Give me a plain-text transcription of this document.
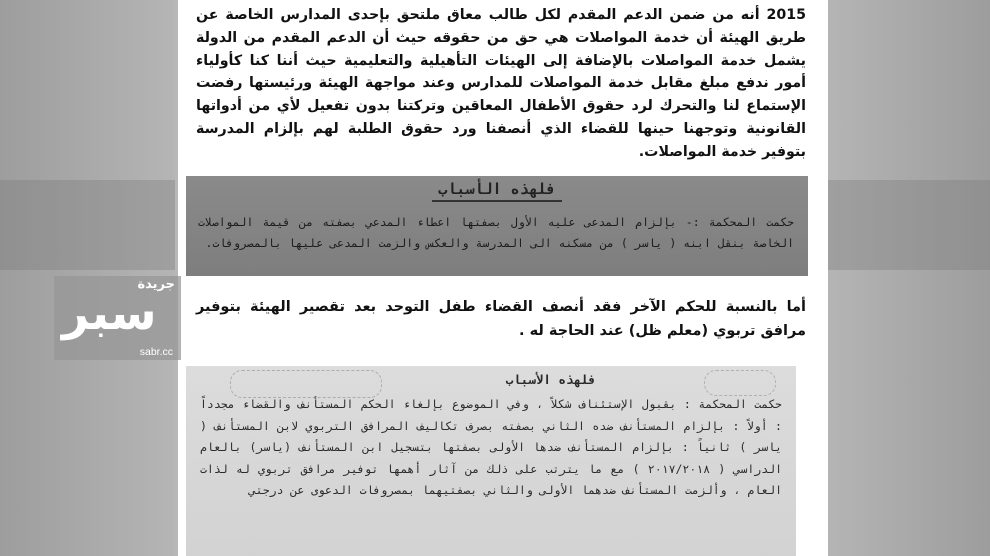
2015 أنه من ضمن الدعم المقدم لكل طالب معاق ملتحق بإحدى المدارس الخاصة عن طريق الهيئة أن خدمة المواصلات هي حق من حقوقه حيث أن الدعم المقدم من الدولة يشمل خدمة المواصلات بالإضافة إلى الهيئات التأهيلية والتعليمية حيث أننا كنا كأولياء أمور ندفع مبلغ مقابل خدمة المواصلات للمدارس وعند مواجهة الهيئة ورئيستها رفضت الإستماع لنا والتحرك لرد حقوق الأطفال المعاقين وتركتنا بدون تفعيل لأي من أدواتها القانونية وتوجهنا حينها للقضاء الذي أنصفنا ورد حقوق الطلبة لهم بإلزام المدرسة بتوفير خدمة المواصلات.
فلهذه الأسباب
حكمت المحكمة :- بإلزام المدعى عليه الأول بصفتها اعطاء المدعي بصفته من قيمة المواصلات الخاصة بنقل ابنه ( ياسر ) من مسكنه الى المدرسة والعكس والزمت المدعى عليها بالمصروفات.
أما بالنسبة للحكم الآخر فقد أنصف القضاء طفل التوحد بعد تقصير الهيئة بتوفير مرافق تربوي (معلم ظل) عند الحاجة له .
فلهذه الأسباب
حكمت المحكمة : بقبول الإستئناف شكلاً ، وفي الموضوع بإلغاء الحكم المستأنف والقضاء مجدداً : أولاً : بإلزام المستأنف ضده الثاني بصفته بصرف تكاليف المرافق التربوي لابن المستأنف ( ياسر ) ثانياً : بإلزام المستأنف ضدها الأولى بصفتها بتسجيل ابن المستأنف (ياسر) بالعام الدراسي ( ٢٠١٧/٢٠١٨ ) مع ما يترتب على ذلك من آثار أهمها توفير مرافق تربوي له لذات العام ، وألزمت المستأنف ضدهما الأولى والثاني بصفتيهما بمصروفات الدعوى عن درجتي
جريدة
سبر
sabr.cc
